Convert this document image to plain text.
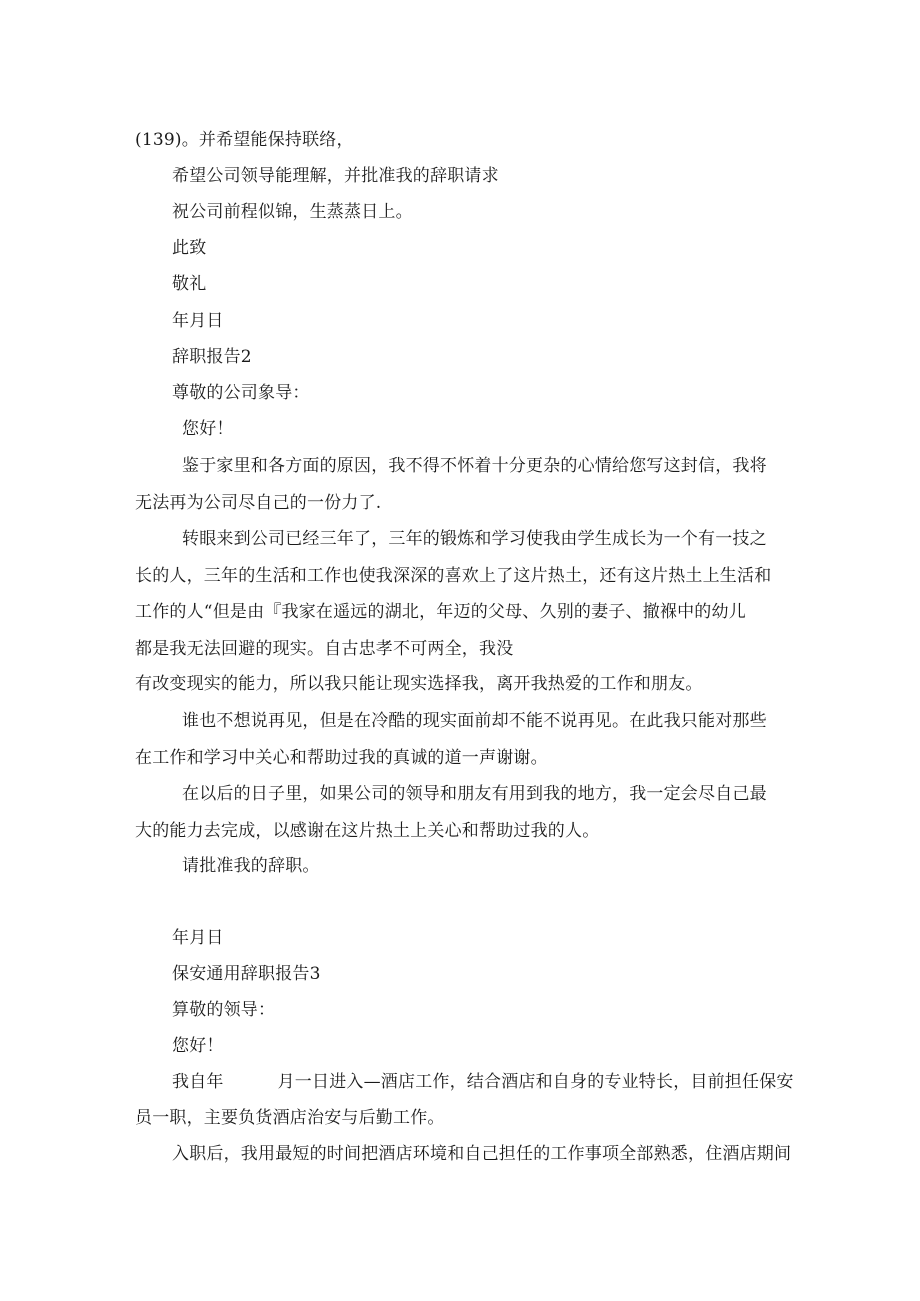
(139)。并希望能保持联络，
希望公司领导能理解，并批准我的辞职请求
祝公司前程似锦，生蒸蒸日上。
此致
敬礼
年月日
辞职报告2
尊敬的公司象导：
您好！
鉴于家里和各方面的原因，我不得不怀着十分更杂的心情给您写这封信，我将无法再为公司尽自己的一份力了.
转眼来到公司已经三年了，三年的锻炼和学习使我由学生成长为一个有一技之长的人，三年的生活和工作也使我深深的喜欢上了这片热土，还有这片热土上生活和工作的人“但是由『我家在遥远的湖北，年迈的父母、久别的妻子、撤褓中的幼儿　都是我无法回避的现实。自古忠孝不可两全，我没
有改变现实的能力，所以我只能让现实选择我，离开我热爱的工作和朋友。
谁也不想说再见，但是在冷酷的现实面前却不能不说再见。在此我只能对那些在工作和学习中关心和帮助过我的真诚的道一声谢谢。
在以后的日子里，如果公司的领导和朋友有用到我的地方，我一定会尽自己最大的能力去完成，以感谢在这片热土上关心和帮助过我的人。
请批准我的辞职。
年月日
保安通用辞职报告3
算敬的领导：
您好！
我自年	月一日进入—酒店工作，结合酒店和自身的专业特长，目前担任保安
员一职，主要负货酒店治安与后勤工作。
入职后，我用最短的时间把酒店环境和自己担任的工作事项全部熟悉，住酒店期间
